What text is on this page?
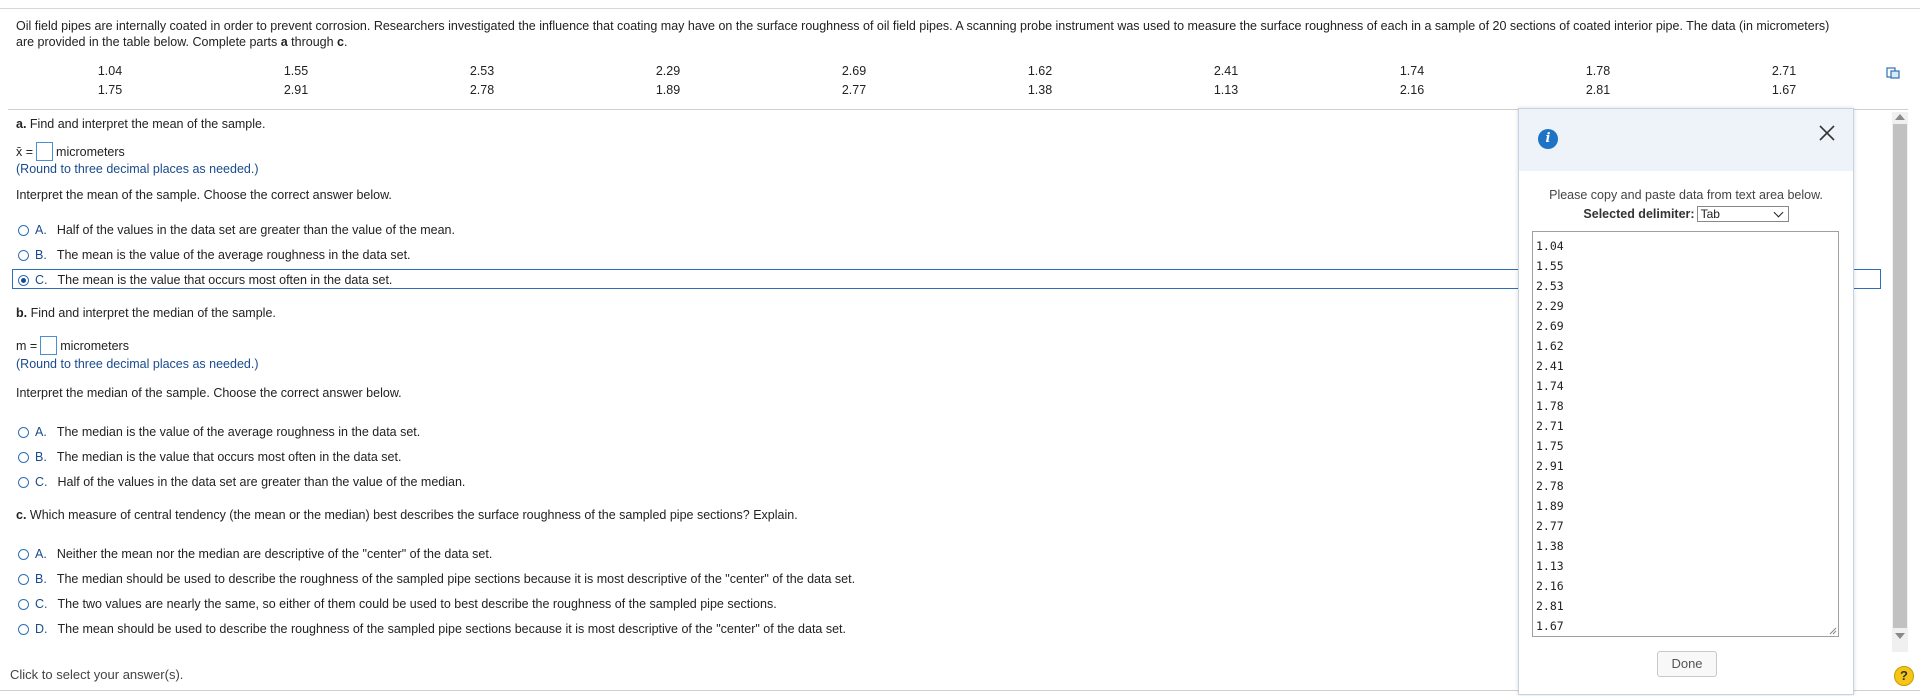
Oil field pipes are internally coated in order to prevent corrosion. Researchers investigated the influence that coating may have on the surface roughness of oil field pipes. A scanning probe instrument was used to measure the surface roughness of each in a sample of 20 sections of coated interior pipe. The data (in micrometers)
are provided in the table below. Complete parts a through c.
1.04	1.55	2.53	2.29	2.69	1.62	2.41	1.74	1.78	2.71
1.75	2.91	2.78	1.89	2.77	1.38	1.13	2.16	2.81	1.67
a. Find and interpret the mean of the sample.
x̄ = micrometers
(Round to three decimal places as needed.)
Interpret the mean of the sample. Choose the correct answer below.
A. Half of the values in the data set are greater than the value of the mean.
B. The mean is the value of the average roughness in the data set.
C. The mean is the value that occurs most often in the data set.
b. Find and interpret the median of the sample.
m = micrometers
(Round to three decimal places as needed.)
Interpret the median of the sample. Choose the correct answer below.
A. The median is the value of the average roughness in the data set.
B. The median is the value that occurs most often in the data set.
C. Half of the values in the data set are greater than the value of the median.
c. Which measure of central tendency (the mean or the median) best describes the surface roughness of the sampled pipe sections? Explain.
A. Neither the mean nor the median are descriptive of the "center" of the data set.
B. The median should be used to describe the roughness of the sampled pipe sections because it is most descriptive of the "center" of the data set.
C. The two values are nearly the same, so either of them could be used to best describe the roughness of the sampled pipe sections.
D. The mean should be used to describe the roughness of the sampled pipe sections because it is most descriptive of the "center" of the data set.
Click to select your answer(s).	?
i
Please copy and paste data from text area below.
Selected delimiter: Tab
1.04
1.55
2.53
2.29
2.69
1.62
2.41
1.74
1.78
2.71
1.75
2.91
2.78
1.89
2.77
1.38
1.13
2.16
2.81
1.67
Done
